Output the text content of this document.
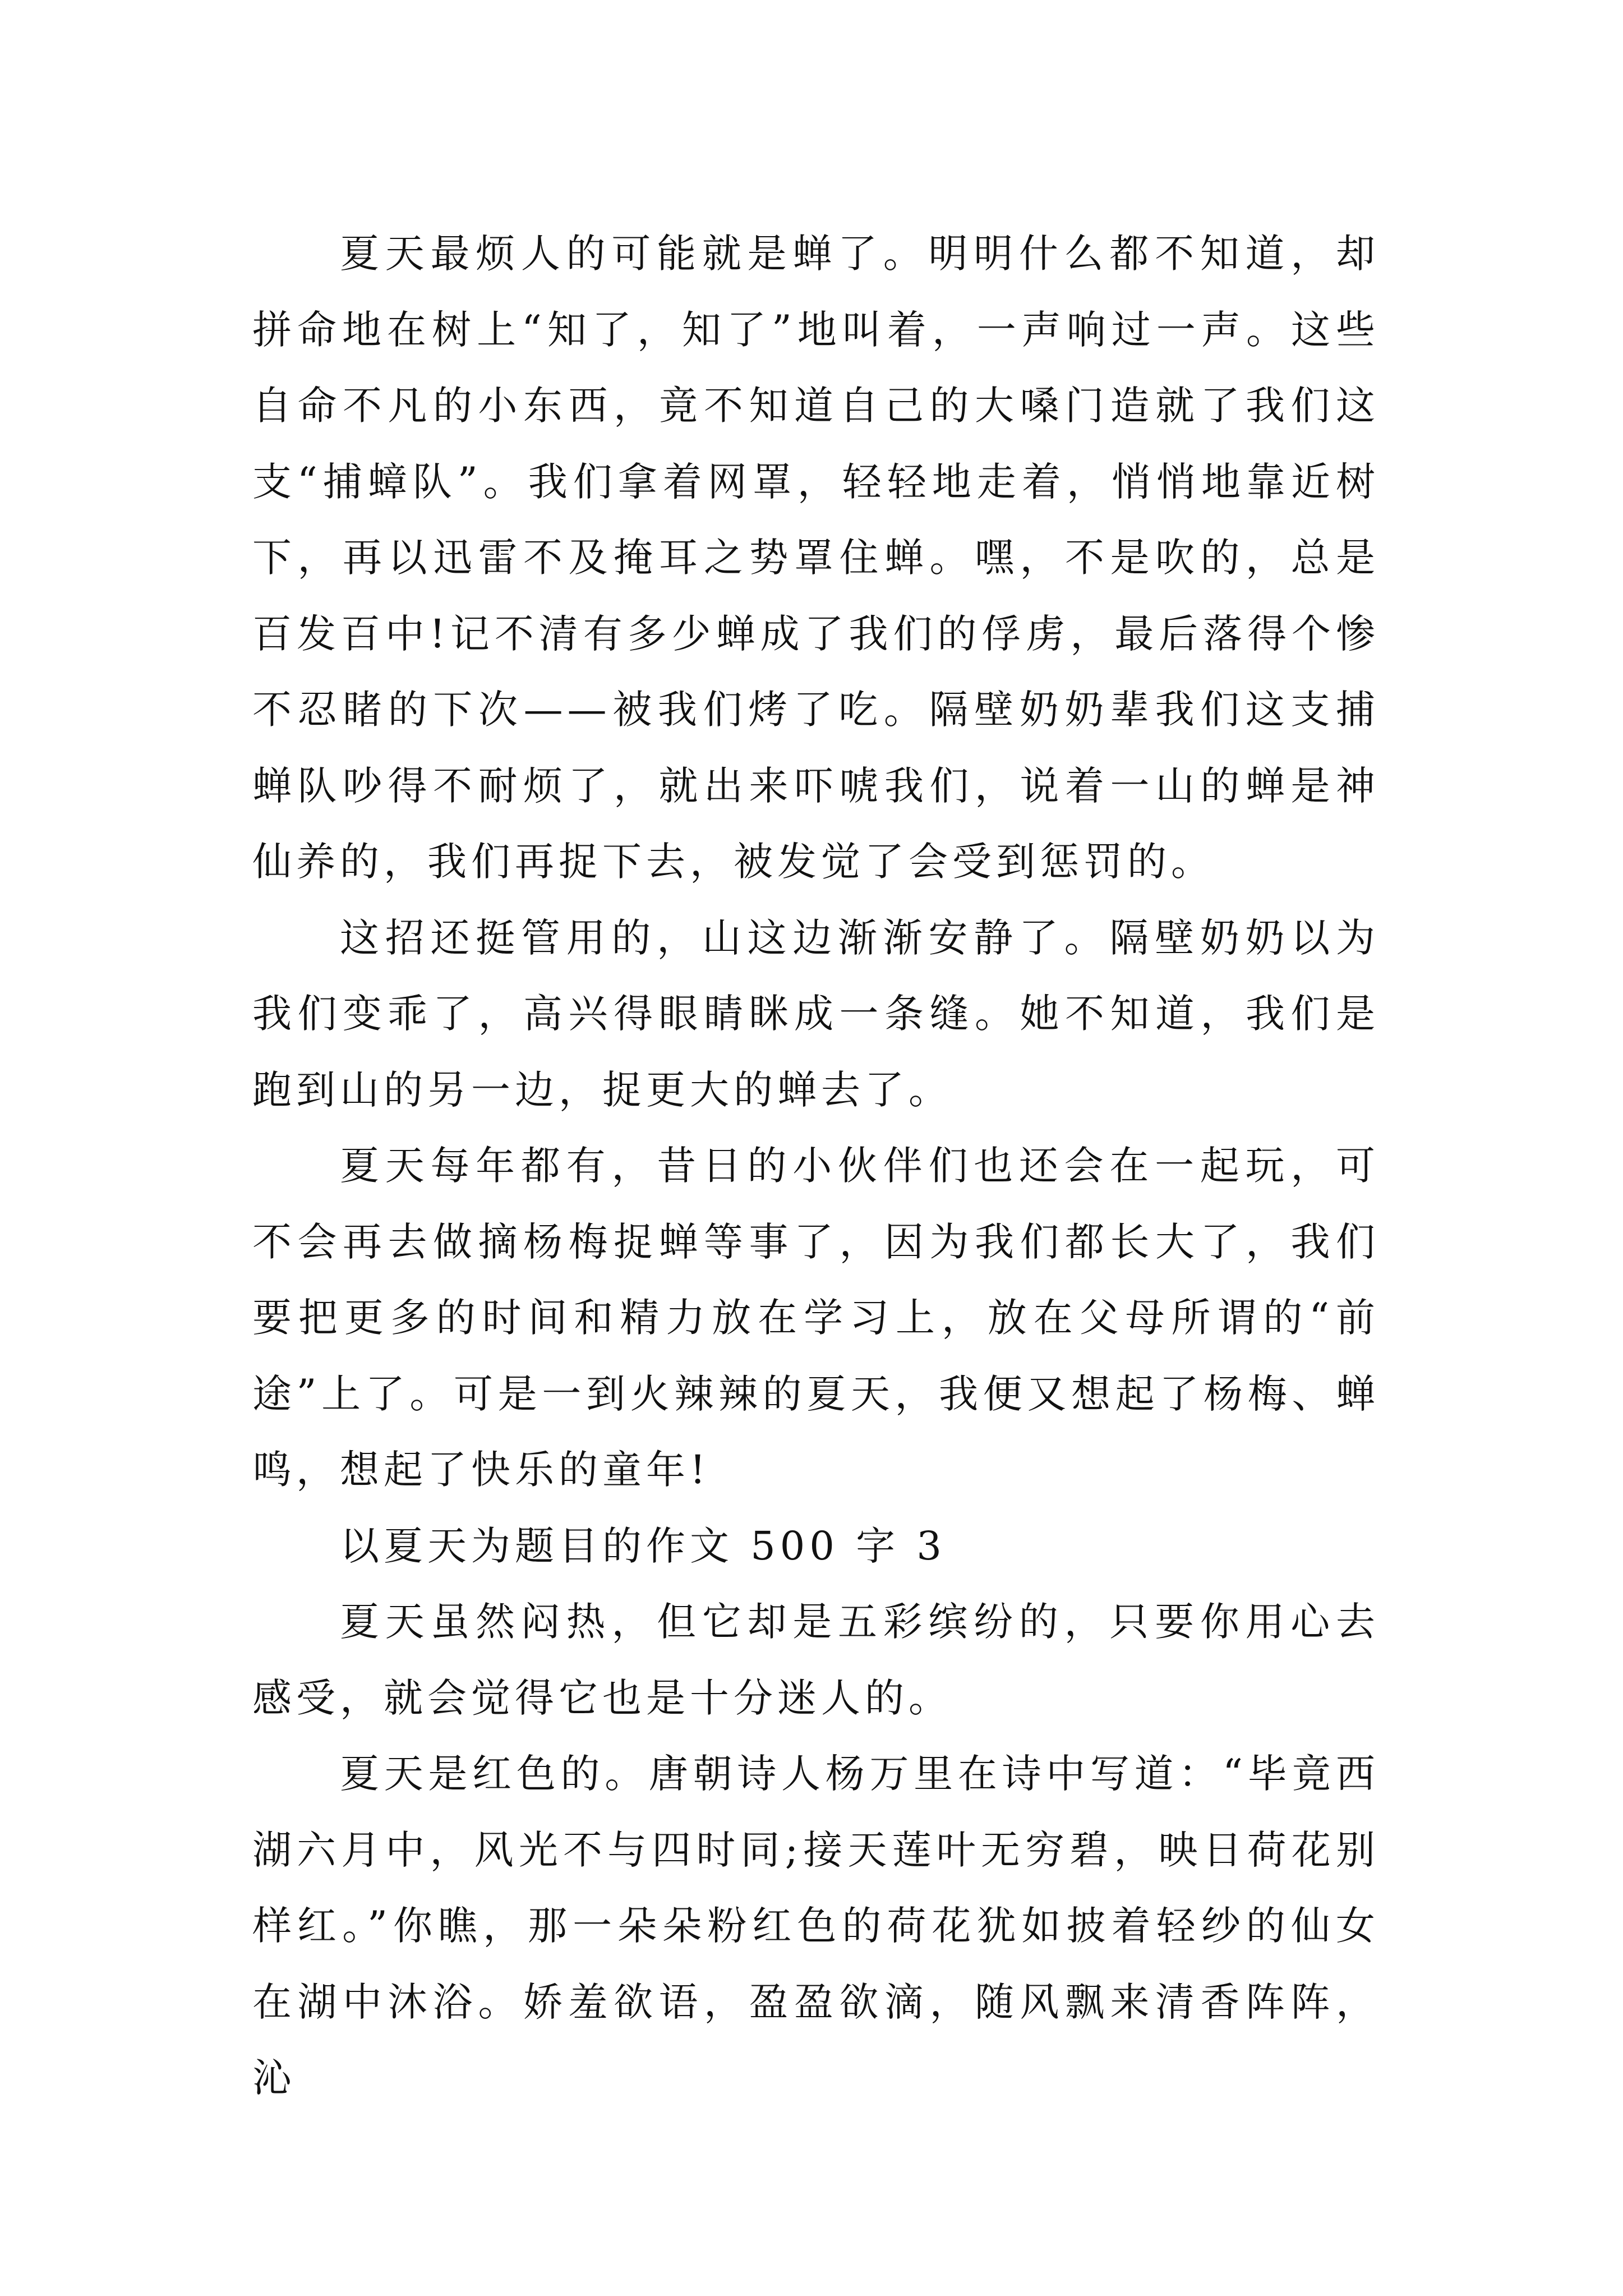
夏天最烦人的可能就是蝉了。明明什么都不知道，却拼命地在树上“知了，知了”地叫着，一声响过一声。这些自命不凡的小东西，竟不知道自己的大嗓门造就了我们这支“捕蟑队”。我们拿着网罩，轻轻地走着，悄悄地靠近树下，再以迅雷不及掩耳之势罩住蝉。嘿，不是吹的，总是百发百中!记不清有多少蝉成了我们的俘虏，最后落得个惨不忍睹的下次——被我们烤了吃。隔壁奶奶辈我们这支捕蝉队吵得不耐烦了，就出来吓唬我们，说着一山的蝉是神仙养的，我们再捉下去，被发觉了会受到惩罚的。

这招还挺管用的，山这边渐渐安静了。隔壁奶奶以为我们变乖了，高兴得眼睛眯成一条缝。她不知道，我们是跑到山的另一边，捉更大的蝉去了。

夏天每年都有，昔日的小伙伴们也还会在一起玩，可不会再去做摘杨梅捉蝉等事了，因为我们都长大了，我们要把更多的时间和精力放在学习上，放在父母所谓的“前途”上了。可是一到火辣辣的夏天，我便又想起了杨梅、蝉鸣，想起了快乐的童年!

以夏天为题目的作文 500 字 3

夏天虽然闷热，但它却是五彩缤纷的，只要你用心去感受，就会觉得它也是十分迷人的。

夏天是红色的。唐朝诗人杨万里在诗中写道：“毕竟西湖六月中，风光不与四时同;接天莲叶无穷碧，映日荷花别样红。”你瞧，那一朵朵粉红色的荷花犹如披着轻纱的仙女在湖中沐浴。娇羞欲语，盈盈欲滴，随风飘来清香阵阵，沁
